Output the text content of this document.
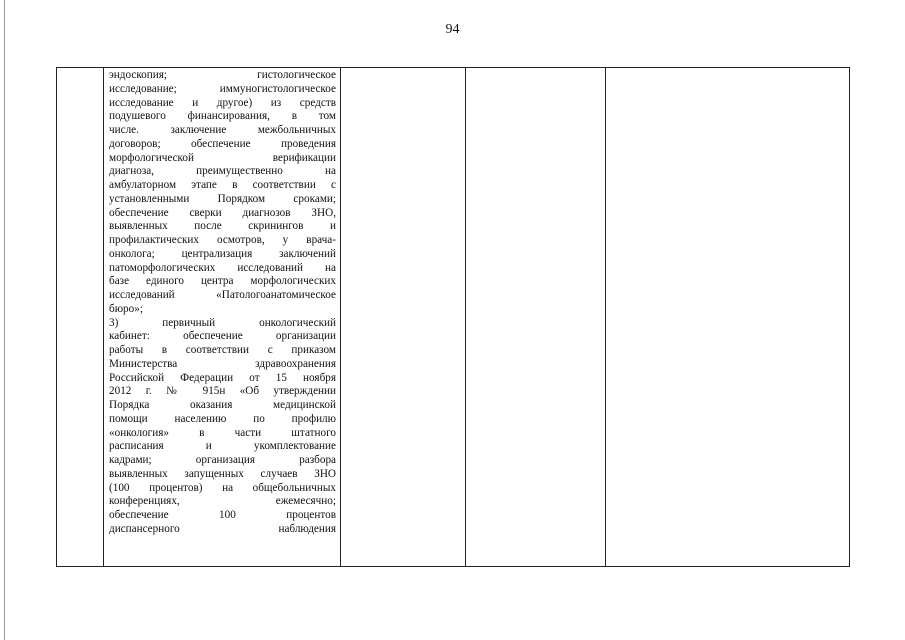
94
эндоскопия; гистологическое
исследование; иммуногистологическое
исследование и другое) из средств
подушевого финансирования, в том
числе. заключение межбольничных
договоров; обеспечение проведения
морфологической верификации
диагноза, преимущественно на
амбулаторном этапе в соответствии с
установленными Порядком сроками;
обеспечение сверки диагнозов ЗНО,
выявленных после скринингов и
профилактических осмотров, у врача-
онколога; централизация заключений
патоморфологических исследований на
базе единого центра морфологических
исследований «Патологоанатомическое
бюро»;
3) первичный онкологический
кабинет: обеспечение организации
работы в соответствии с приказом
Министерства здравоохранения
Российской Федерации от 15 ноября
2012 г. № 915н «Об утверждении
Порядка оказания медицинской
помощи населению по профилю
«онкология» в части штатного
расписания и укомплектование
кадрами; организация разбора
выявленных запущенных случаев ЗНО
(100 процентов) на общебольничных
конференциях, ежемесячно;
обеспечение 100 процентов
диспансерного наблюдения
